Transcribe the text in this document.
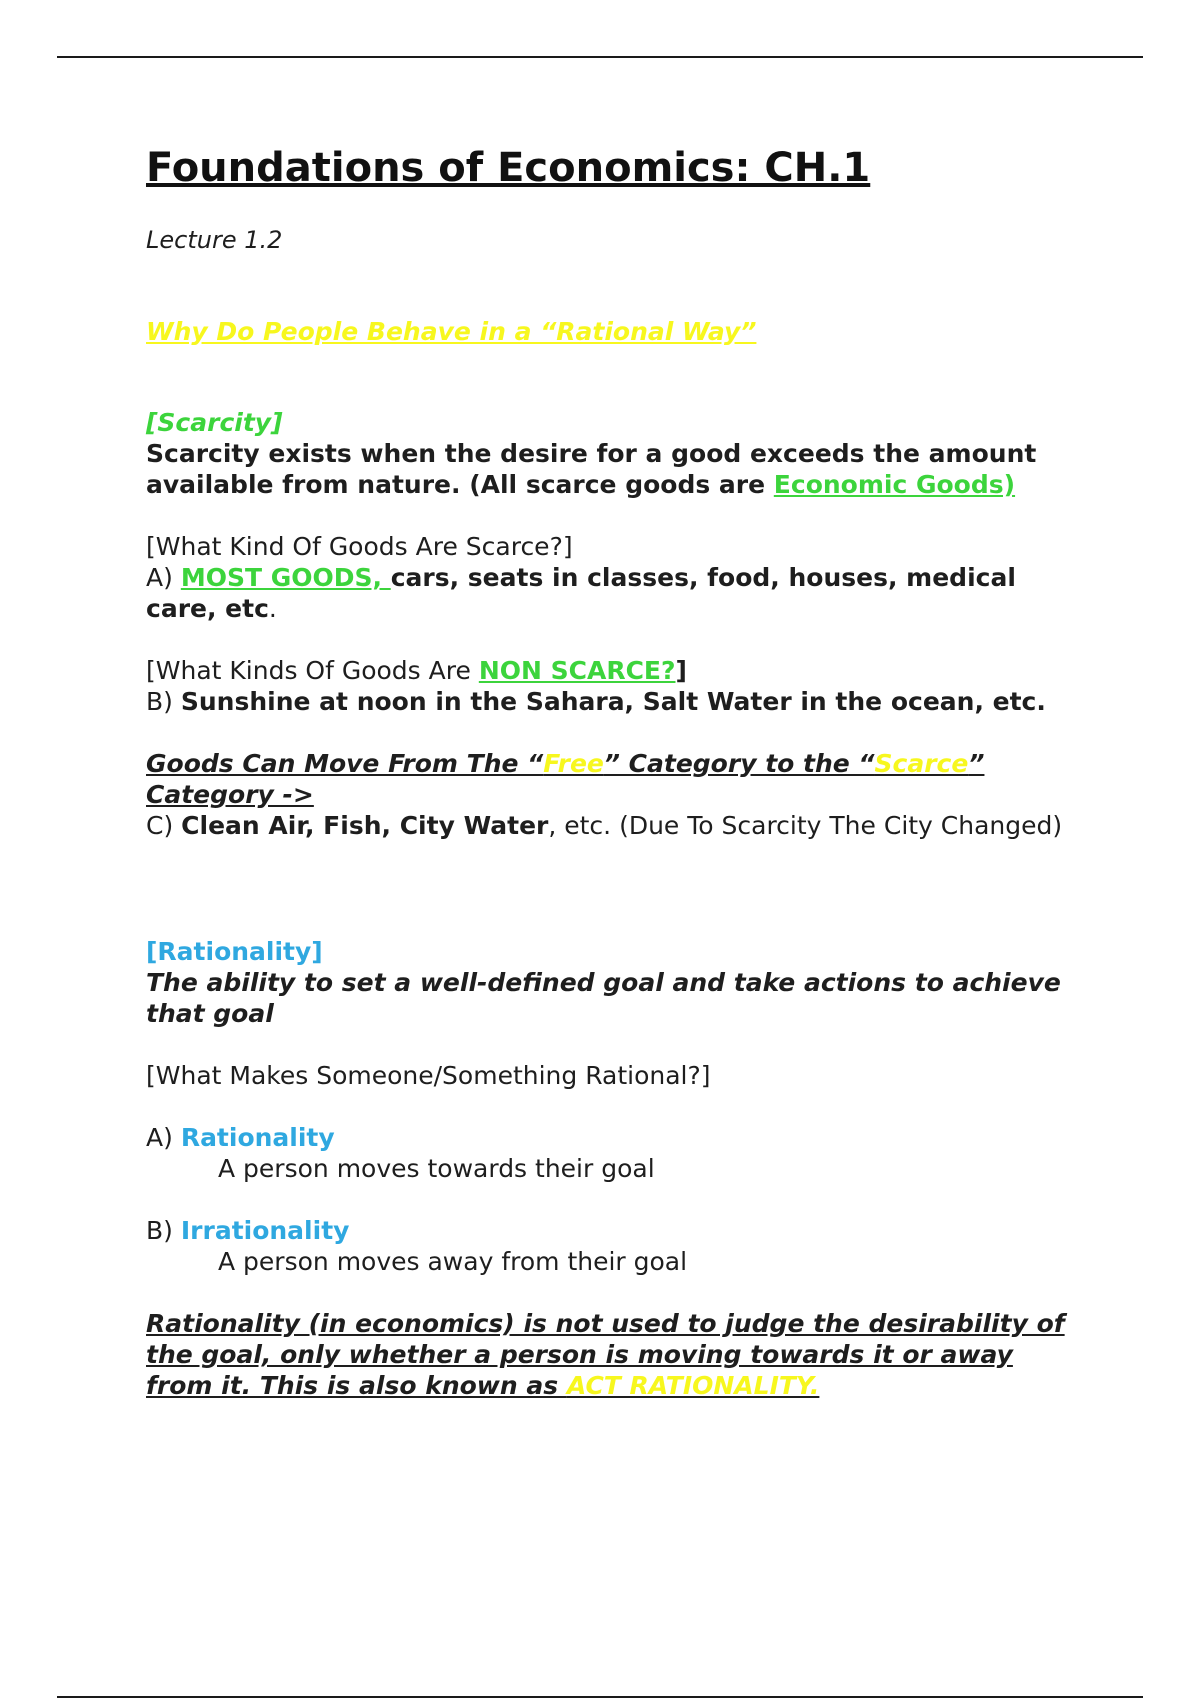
Foundations of Economics: CH.1

Lecture 1.2

Why Do People Behave in a “Rational Way”

[Scarcity]

Scarcity exists when the desire for a good exceeds the amount available from nature. (All scarce goods are Economic Goods)

[What Kind Of Goods Are Scarce?]

A) MOST GOODS, cars, seats in classes, food, houses, medical care, etc.

[What Kinds Of Goods Are NON SCARCE?]

B) Sunshine at noon in the Sahara, Salt Water in the ocean, etc.

Goods Can Move From The “Free” Category to the “Scarce” Category ->

C) Clean Air, Fish, City Water, etc. (Due To Scarcity The City Changed)

[Rationality]

The ability to set a well-defined goal and take actions to achieve that goal

[What Makes Someone/Something Rational?]

A) Rationality

A person moves towards their goal

B) Irrationality

A person moves away from their goal

Rationality (in economics) is not used to judge the desirability of the goal, only whether a person is moving towards it or away from it. This is also known as ACT RATIONALITY.
